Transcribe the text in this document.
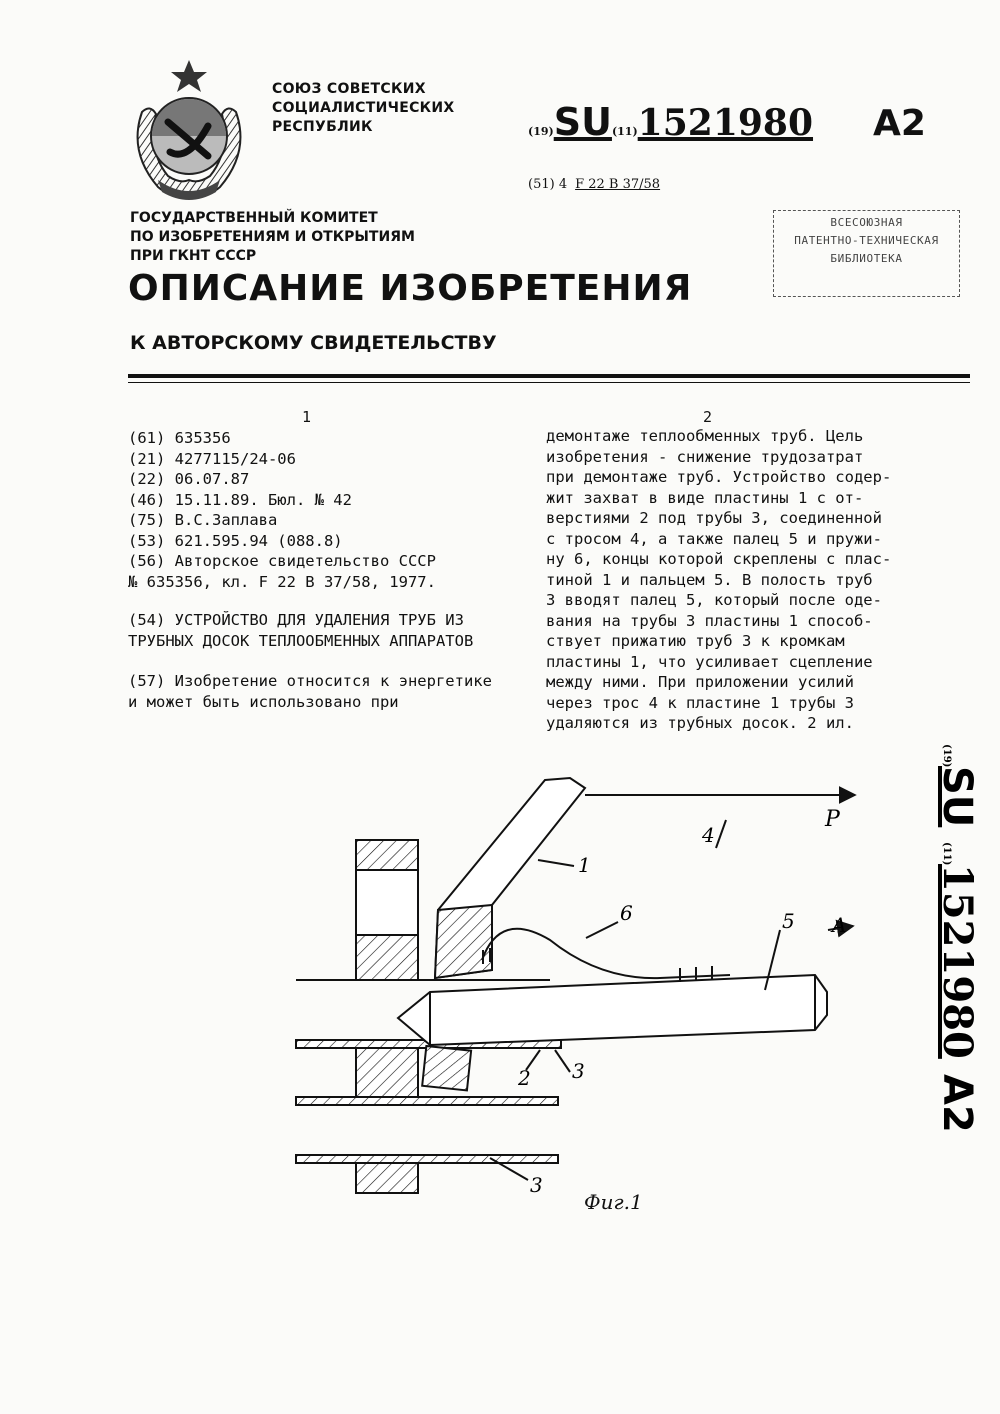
СОЮЗ СОВЕТСКИХ
СОЦИАЛИСТИЧЕСКИХ
РЕСПУБЛИК	(19)SU(11)1521980 A2
(51) 4 F 22 B 37/58
ГОСУДАРСТВЕННЫЙ КОМИТЕТ
ПО ИЗОБРЕТЕНИЯМ И ОТКРЫТИЯМ
ПРИ ГКНТ СССР
ВСЕСОЮЗНАЯ
ПАТЕНТНО-ТЕХНИЧЕСКАЯ
БИБЛИОТЕКА
ОПИСАНИЕ ИЗОБРЕТЕНИЯ
К АВТОРСКОМУ СВИДЕТЕЛЬСТВУ
1	2
(61) 635356
(21) 4277115/24-06
(22) 06.07.87
(46) 15.11.89. Бюл. № 42
(75) В.С.Заплава
(53) 621.595.94 (088.8)
(56) Авторское свидетельство СССР
№ 635356, кл. F 22 B 37/58, 1977.
(54) УСТРОЙСТВО ДЛЯ УДАЛЕНИЯ ТРУБ ИЗ ТРУБНЫХ ДОСОК ТЕПЛООБМЕННЫХ АППАРАТОВ
(57) Изобретение относится к энергетике и может быть использовано при
демонтаже теплообменных труб. Цель
изобретения - снижение трудозатрат
при демонтаже труб. Устройство содер-
жит захват в виде пластины 1 с от-
верстиями 2 под трубы 3, соединенной
с тросом 4, а также палец 5 и пружи-
ну 6, концы которой скреплены с плас-
тиной 1 и пальцем 5. В полость труб
3 вводят палец 5, который после оде-
вания на трубы 3 пластины 1 способ-
ствует прижатию труб 3 к кромкам
пластины 1, что усиливает сцепление
между ними. При приложении усилий
через трос 4 к пластине 1 трубы 3
удаляются из трубных досок. 2 ил.
(19)
SU
(11)
1521980
A2
1
6
4
P
5 A
2 3
3
Фиг.1
